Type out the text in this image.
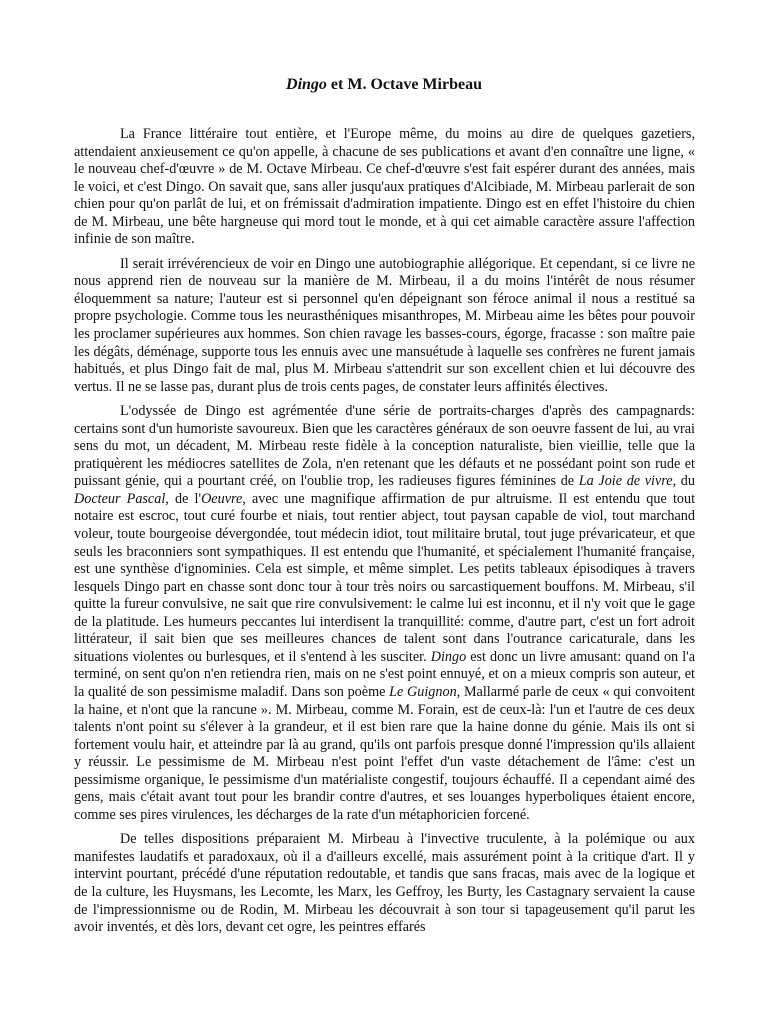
Dingo et M. Octave Mirbeau

La France littéraire tout entière, et l'Europe même, du moins au dire de quelques gazetiers, attendaient anxieusement ce qu'on appelle, à chacune de ses publications et avant d'en connaître une ligne, « le nouveau chef-d'œuvre » de M. Octave Mirbeau. Ce chef-d'œuvre s'est fait espérer durant des années, mais le voici, et c'est Dingo. On savait que, sans aller jusqu'aux pratiques d'Alcibiade, M. Mirbeau parlerait de son chien pour qu'on parlât de lui, et on frémissait d'admiration impatiente. Dingo est en effet l'histoire du chien de M. Mirbeau, une bête hargneuse qui mord tout le monde, et à qui cet aimable caractère assure l'affection infinie de son maître.

Il serait irrévérencieux de voir en Dingo une autobiographie allégorique. Et cependant, si ce livre ne nous apprend rien de nouveau sur la manière de M. Mirbeau, il a du moins l'intérêt de nous résumer éloquemment sa nature; l'auteur est si personnel qu'en dépeignant son féroce animal il nous a restitué sa propre psychologie. Comme tous les neurasthéniques misanthropes, M. Mirbeau aime les bêtes pour pouvoir les proclamer supérieures aux hommes. Son chien ravage les basses-cours, égorge, fracasse : son maître paie les dégâts, déménage, supporte tous les ennuis avec une mansuétude à laquelle ses confrères ne furent jamais habitués, et plus Dingo fait de mal, plus M. Mirbeau s'attendrit sur son excellent chien et lui découvre des vertus. Il ne se lasse pas, durant plus de trois cents pages, de constater leurs affinités électives.

L'odyssée de Dingo est agrémentée d'une série de portraits-charges d'après des campagnards: certains sont d'un humoriste savoureux. Bien que les caractères généraux de son oeuvre fassent de lui, au vrai sens du mot, un décadent, M. Mirbeau reste fidèle à la conception naturaliste, bien vieillie, telle que la pratiquèrent les médiocres satellites de Zola, n'en retenant que les défauts et ne possédant point son rude et puissant génie, qui a pourtant créé, on l'oublie trop, les radieuses figures féminines de La Joie de vivre, du Docteur Pascal, de l'Oeuvre, avec une magnifique affirmation de pur altruisme. Il est entendu que tout notaire est escroc, tout curé fourbe et niais, tout rentier abject, tout paysan capable de viol, tout marchand voleur, toute bourgeoise dévergondée, tout médecin idiot, tout militaire brutal, tout juge prévaricateur, et que seuls les braconniers sont sympathiques. Il est entendu que l'humanité, et spécialement l'humanité française, est une synthèse d'ignominies. Cela est simple, et même simplet. Les petits tableaux épisodiques à travers lesquels Dingo part en chasse sont donc tour à tour très noirs ou sarcastiquement bouffons. M. Mirbeau, s'il quitte la fureur convulsive, ne sait que rire convulsivement: le calme lui est inconnu, et il n'y voit que le gage de la platitude. Les humeurs peccantes lui interdisent la tranquillité: comme, d'autre part, c'est un fort adroit littérateur, il sait bien que ses meilleures chances de talent sont dans l'outrance caricaturale, dans les situations violentes ou burlesques, et il s'entend à les susciter. Dingo est donc un livre amusant: quand on l'a terminé, on sent qu'on n'en retiendra rien, mais on ne s'est point ennuyé, et on a mieux compris son auteur, et la qualité de son pessimisme maladif. Dans son poème Le Guignon, Mallarmé parle de ceux « qui convoitent la haine, et n'ont que la rancune ». M. Mirbeau, comme M. Forain, est de ceux-là: l'un et l'autre de ces deux talents n'ont point su s'élever à la grandeur, et il est bien rare que la haine donne du génie. Mais ils ont si fortement voulu hair, et atteindre par là au grand, qu'ils ont parfois presque donné l'impression qu'ils allaient y réussir. Le pessimisme de M. Mirbeau n'est point l'effet d'un vaste détachement de l'âme: c'est un pessimisme organique, le pessimisme d'un matérialiste congestif, toujours échauffé. Il a cependant aimé des gens, mais c'était avant tout pour les brandir contre d'autres, et ses louanges hyperboliques étaient encore, comme ses pires virulences, les décharges de la rate d'un métaphoricien forcené.

De telles dispositions préparaient M. Mirbeau à l'invective truculente, à la polémique ou aux manifestes laudatifs et paradoxaux, où il a d'ailleurs excellé, mais assurément point à la critique d'art. Il y intervint pourtant, précédé d'une réputation redoutable, et tandis que sans fracas, mais avec de la logique et de la culture, les Huysmans, les Lecomte, les Marx, les Geffroy, les Burty, les Castagnary servaient la cause de l'impressionnisme ou de Rodin, M. Mirbeau les découvrait à son tour si tapageusement qu'il parut les avoir inventés, et dès lors, devant cet ogre, les peintres effarés
